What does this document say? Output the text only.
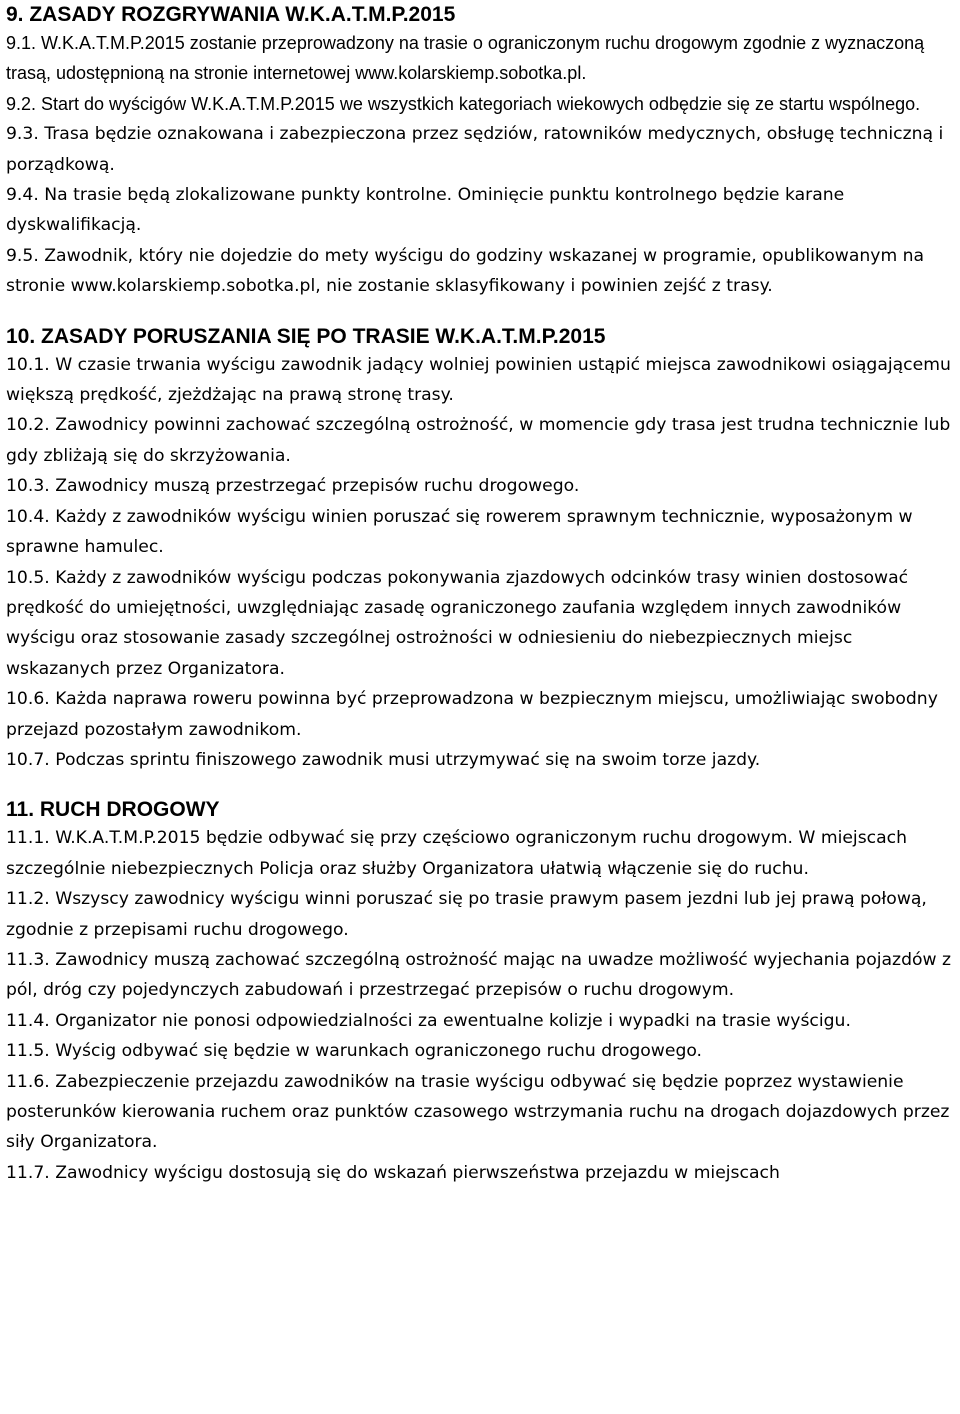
9. ZASADY ROZGRYWANIA W.K.A.T.M.P.2015

9.1. W.K.A.T.M.P.2015 zostanie przeprowadzony na trasie o ograniczonym ruchu drogowym zgodnie z wyznaczoną trasą, udostępnioną na stronie internetowej www.kolarskiemp.sobotka.pl.

9.2. Start do wyścigów W.K.A.T.M.P.2015 we wszystkich kategoriach wiekowych odbędzie się ze startu wspólnego.

9.3. Trasa będzie oznakowana i zabezpieczona przez sędziów, ratowników medycznych, obsługę techniczną i porządkową.

9.4. Na trasie będą zlokalizowane punkty kontrolne. Ominięcie punktu kontrolnego będzie karane dyskwalifikacją.

9.5. Zawodnik, który nie dojedzie do mety wyścigu do godziny wskazanej w programie, opublikowanym na stronie www.kolarskiemp.sobotka.pl, nie zostanie sklasyfikowany i powinien zejść z trasy.

10. ZASADY PORUSZANIA SIĘ PO TRASIE W.K.A.T.M.P.2015

10.1. W czasie trwania wyścigu zawodnik jadący wolniej powinien ustąpić miejsca zawodnikowi osiągającemu większą prędkość, zjeżdżając na prawą stronę trasy.

10.2. Zawodnicy powinni zachować szczególną ostrożność, w momencie gdy trasa jest trudna technicznie lub gdy zbliżają się do skrzyżowania.

10.3. Zawodnicy muszą przestrzegać przepisów ruchu drogowego.

10.4. Każdy z zawodników wyścigu winien poruszać się rowerem sprawnym technicznie, wyposażonym w sprawne hamulec.

10.5. Każdy z zawodników wyścigu podczas pokonywania zjazdowych odcinków trasy winien dostosować prędkość do umiejętności, uwzględniając zasadę ograniczonego zaufania względem innych zawodników wyścigu oraz stosowanie zasady szczególnej ostrożności w odniesieniu do niebezpiecznych miejsc wskazanych przez Organizatora.

10.6. Każda naprawa roweru powinna być przeprowadzona w bezpiecznym miejscu, umożliwiając swobodny przejazd pozostałym zawodnikom.

10.7. Podczas sprintu finiszowego zawodnik musi utrzymywać się na swoim torze jazdy.

11. RUCH DROGOWY

11.1. W.K.A.T.M.P.2015 będzie odbywać się przy częściowo ograniczonym ruchu drogowym. W miejscach szczególnie niebezpiecznych Policja oraz służby Organizatora ułatwią włączenie się do ruchu.

11.2. Wszyscy zawodnicy wyścigu winni poruszać się po trasie prawym pasem jezdni lub jej prawą połową, zgodnie z przepisami ruchu drogowego.

11.3. Zawodnicy muszą zachować szczególną ostrożność mając na uwadze możliwość wyjechania pojazdów z pól, dróg czy pojedynczych zabudowań i przestrzegać przepisów o ruchu drogowym.

11.4. Organizator nie ponosi odpowiedzialności za ewentualne kolizje i wypadki na trasie wyścigu.

11.5. Wyścig odbywać się będzie w warunkach ograniczonego ruchu drogowego.

11.6. Zabezpieczenie przejazdu zawodników na trasie wyścigu odbywać się będzie poprzez wystawienie posterunków kierowania ruchem oraz punktów czasowego wstrzymania ruchu na drogach dojazdowych przez siły Organizatora.

11.7. Zawodnicy wyścigu dostosują się do wskazań pierwszeństwa przejazdu w miejscach
